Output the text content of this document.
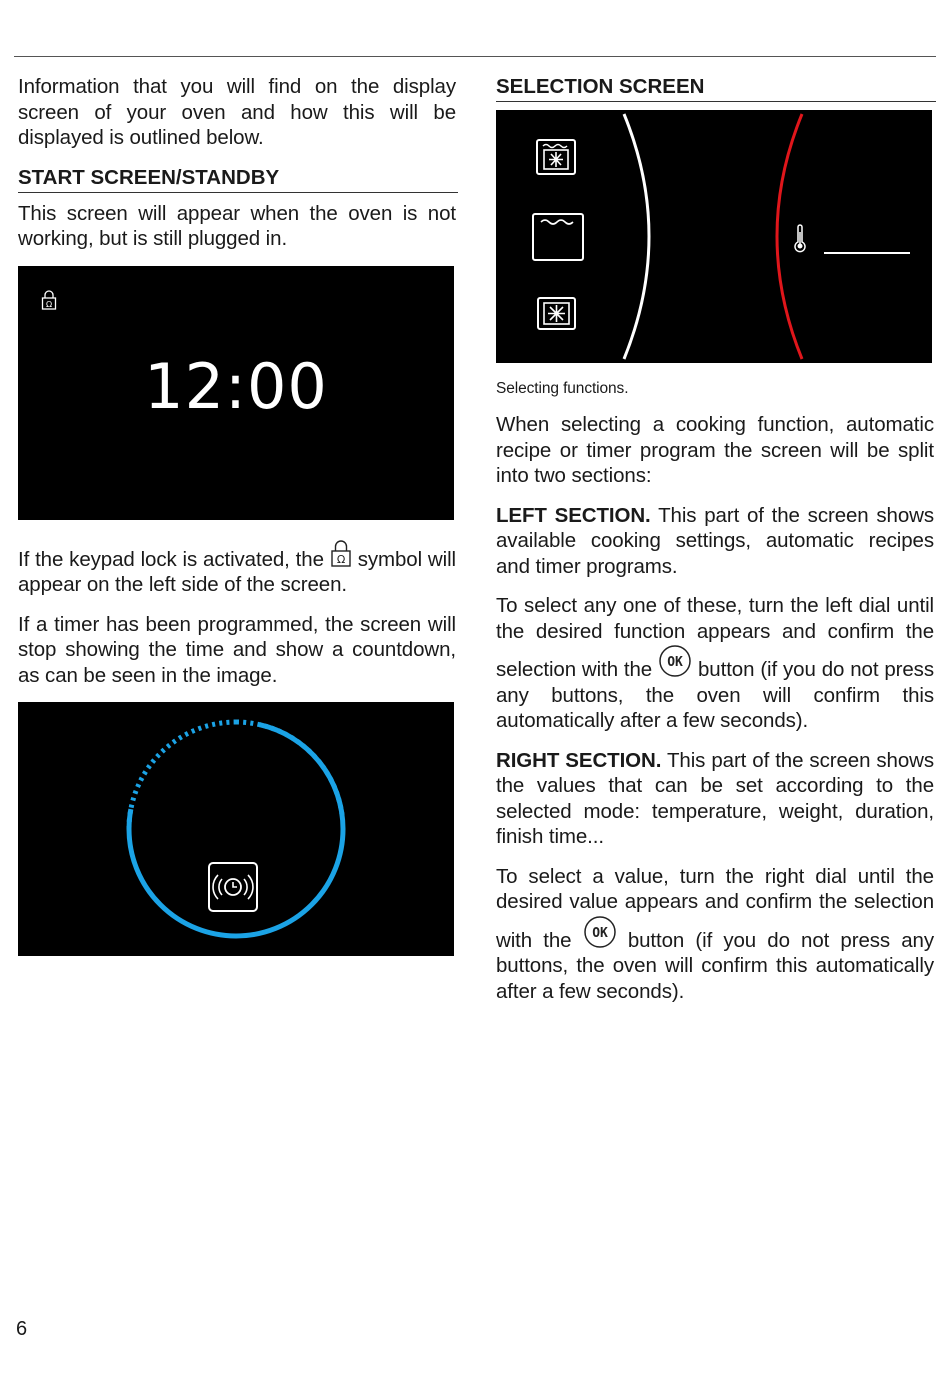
Information that you will find on the display screen of your oven and how this will be displayed is outlined below.

START SCREEN/STANDBY

This screen will appear when the oven is not working, but is still plugged in.

Ω
12:00

If the keypad lock is activated, the Ω symbol will appear on the left side of the screen.

If a timer has been programmed, the screen will stop showing the time and show a countdown, as can be seen in the image.

SELECTION SCREEN

Selecting functions.

When selecting a cooking function, automatic recipe or timer program the screen will be split into two sections:

LEFT SECTION. This part of the screen shows available cooking settings, automatic recipes and timer programs.

To select any one of these, turn the left dial until the desired function appears and confirm the selection with the OK button (if you do not press any buttons, the oven will confirm this automatically after a few seconds).

RIGHT SECTION. This part of the screen shows the values that can be set according to the selected mode: temperature, weight, duration, finish time...

To select a value, turn the right dial until the desired value appears and confirm the selection with the OK button (if you do not press any buttons, the oven will confirm this automatically after a few seconds).

6
